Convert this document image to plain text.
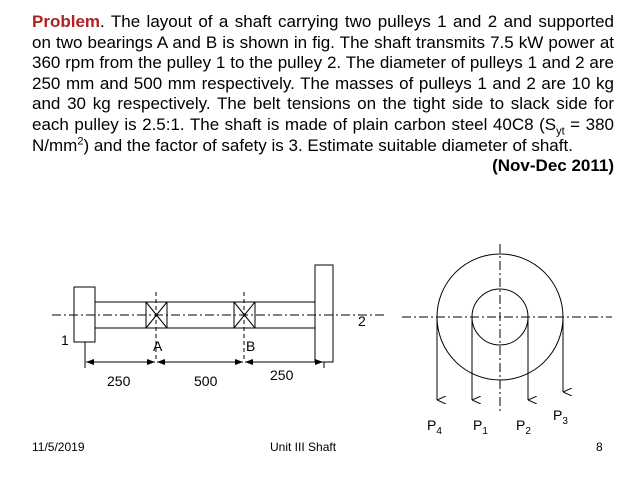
Problem. The layout of a shaft carrying two pulleys 1 and 2 and supported on two bearings A and B is shown in fig. The shaft transmits 7.5 kW power at 360 rpm from the pulley 1 to the pulley 2. The diameter of pulleys 1 and 2 are 250 mm and 500 mm respectively. The masses of pulleys 1 and 2 are 10 kg and 30 kg respectively. The belt tensions on the tight side to slack side for each pulley is 2.5:1. The shaft is made of plain carbon steel 40C8 ($S_{yt} = 380$ $N/mm^2$) and the factor of safety is 3. Estimate suitable diameter of shaft.
(Nov-Dec 2011)

1
2
A	B
250	500	250
$P_4$ $P_1$ $P_2$
$P_3$
11/5/2019	Unit III Shaft	8
